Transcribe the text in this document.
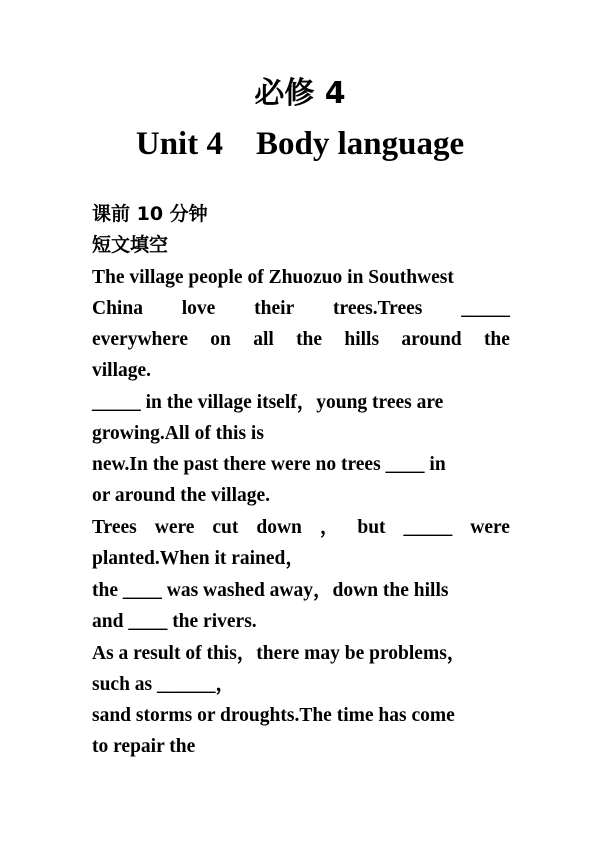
必修 4
Unit 4    Body language
课前 10 分钟
短文填空
The village people of Zhuozuo in Southwest
China love their trees.Trees _____
everywhere on all the hills around the
village.
_____ in the village itself，young trees are
growing.All of this is
new.In the past there were no trees ____ in
or around the village.
Trees were cut down ， but _____ were
planted.When it rained，
the ____ was washed away，down the hills
and ____ the rivers.
As a result of this，there may be problems，
such as ______，
sand storms or droughts.The time has come
to repair the
